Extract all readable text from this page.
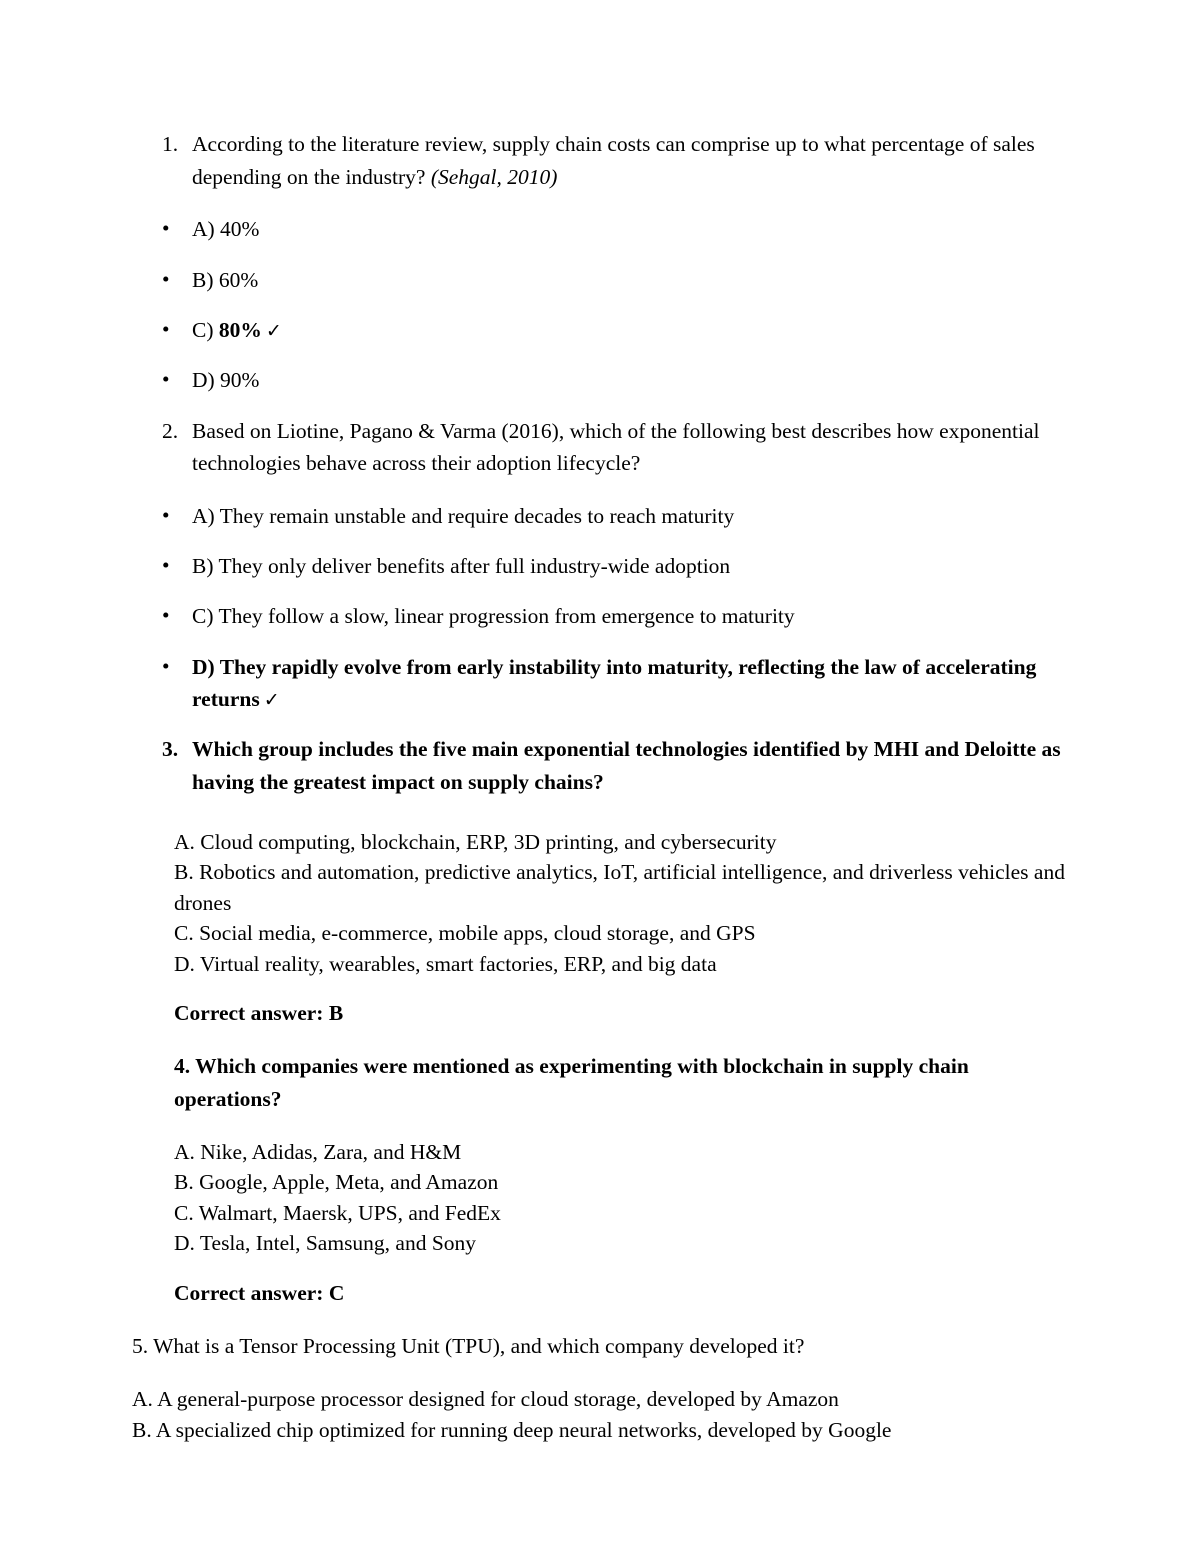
1. According to the literature review, supply chain costs can comprise up to what percentage of sales depending on the industry? (Sehgal, 2010)
• A) 40%
• B) 60%
• C) 80% ✓
• D) 90%
2. Based on Liotine, Pagano & Varma (2016), which of the following best describes how exponential technologies behave across their adoption lifecycle?
• A) They remain unstable and require decades to reach maturity
• B) They only deliver benefits after full industry-wide adoption
• C) They follow a slow, linear progression from emergence to maturity
• D) They rapidly evolve from early instability into maturity, reflecting the law of accelerating returns ✓
3. Which group includes the five main exponential technologies identified by MHI and Deloitte as having the greatest impact on supply chains?
A. Cloud computing, blockchain, ERP, 3D printing, and cybersecurity
B. Robotics and automation, predictive analytics, IoT, artificial intelligence, and driverless vehicles and drones
C. Social media, e-commerce, mobile apps, cloud storage, and GPS
D. Virtual reality, wearables, smart factories, ERP, and big data
Correct answer: B
4. Which companies were mentioned as experimenting with blockchain in supply chain operations?
A. Nike, Adidas, Zara, and H&M
B. Google, Apple, Meta, and Amazon
C. Walmart, Maersk, UPS, and FedEx
D. Tesla, Intel, Samsung, and Sony
Correct answer: C
5. What is a Tensor Processing Unit (TPU), and which company developed it?
A. A general-purpose processor designed for cloud storage, developed by Amazon
B. A specialized chip optimized for running deep neural networks, developed by Google
